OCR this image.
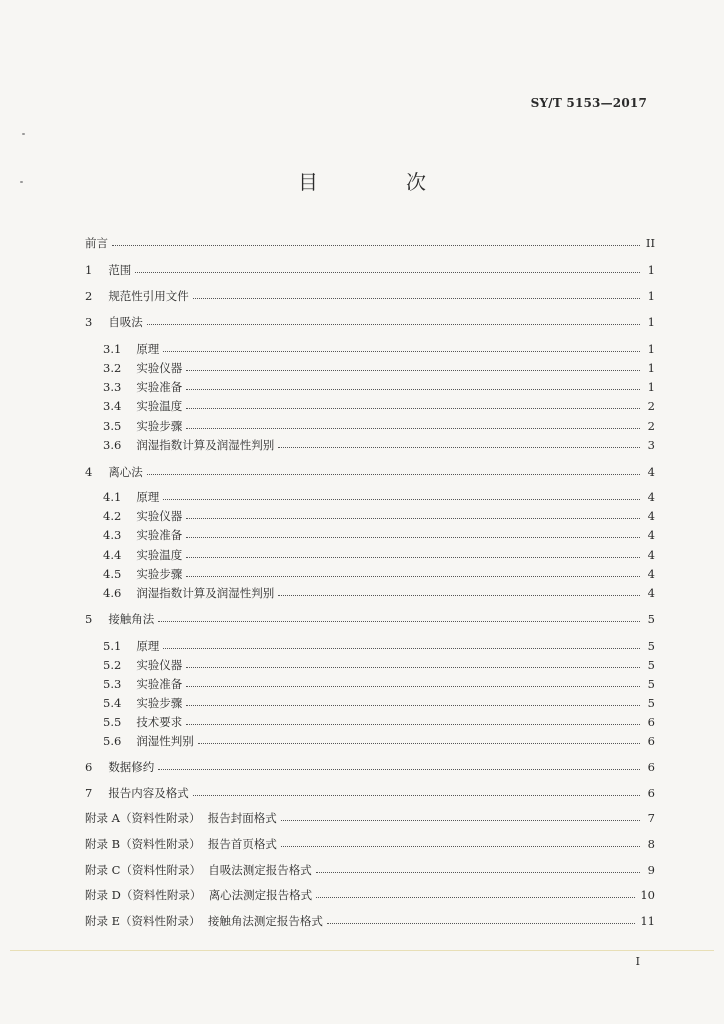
SY/T 5153—2017
目　次
前言	II
1 范围	1
2 规范性引用文件	1
3 自吸法	1
3.1 原理	1
3.2 实验仪器	1
3.3 实验准备	1
3.4 实验温度	2
3.5 实验步骤	2
3.6 润湿指数计算及润湿性判别	3
4 离心法	4
4.1 原理	4
4.2 实验仪器	4
4.3 实验准备	4
4.4 实验温度	4
4.5 实验步骤	4
4.6 润湿指数计算及润湿性判别	4
5 接触角法	5
5.1 原理	5
5.2 实验仪器	5
5.3 实验准备	5
5.4 实验步骤	5
5.5 技术要求	6
5.6 润湿性判别	6
6 数据修约	6
7 报告内容及格式	6
附录 A（资料性附录） 报告封面格式	7
附录 B（资料性附录） 报告首页格式	8
附录 C（资料性附录） 自吸法测定报告格式	9
附录 D（资料性附录） 离心法测定报告格式	10
附录 E（资料性附录） 接触角法测定报告格式	11
I
